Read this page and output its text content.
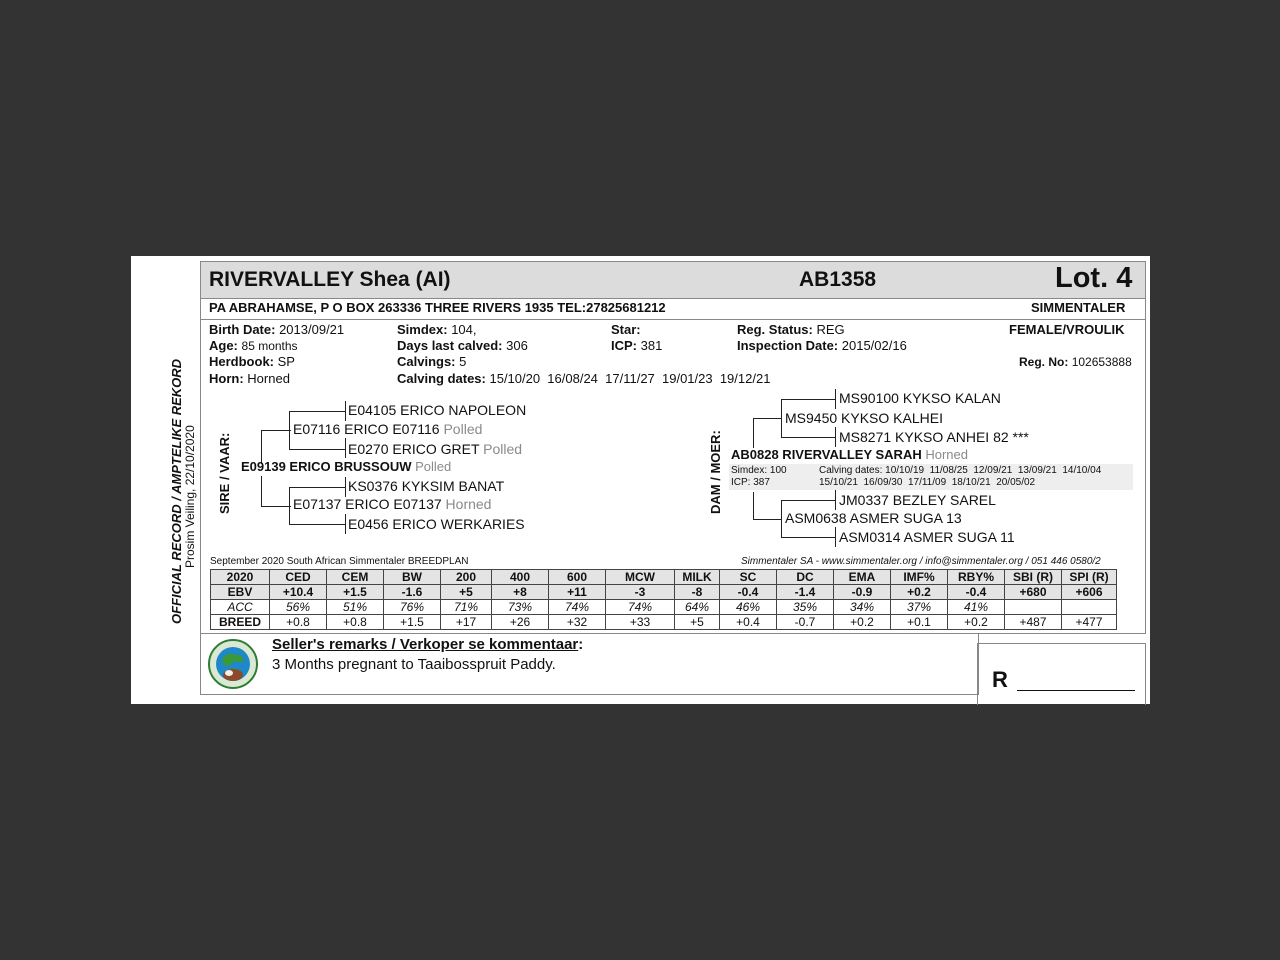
OFFICIAL RECORD / AMPTELIKE REKORD Prosim Veiling, 22/10/2020
RIVERVALLEY Shea (AI)	AB1358	Lot. 4
PA ABRAHAMSE, P O BOX 263336 THREE RIVERS 1935 TEL:27825681212	SIMMENTALER
Birth Date: 2013/09/21
Age: 85 months
Herdbook: SP
Horn: Horned
Simdex: 104,
Days last calved: 306
Calvings: 5
Calving dates: 15/10/20  16/08/24  17/11/27  19/01/23  19/12/21
Star:
ICP: 381
Reg. Status: REG
Inspection Date: 2015/02/16
FEMALE/VROULIK
Reg. No: 102653888
SIRE / VAAR:
E04105 ERICO NAPOLEON
E07116 ERICO E07116 Polled
E0270 ERICO GRET Polled
E09139 ERICO BRUSSOUW Polled
KS0376 KYKSIM BANAT
E07137 ERICO E07137 Horned
E0456 ERICO WERKARIES
DAM / MOER:
MS90100 KYKSO KALAN
MS9450 KYKSO KALHEI
MS8271 KYKSO ANHEI 82 ***
AB0828 RIVERVALLEY SARAH Horned
Simdex: 100
ICP: 387
Calving dates: 10/10/19  11/08/25  12/09/21  13/09/21  14/10/04
15/10/21  16/09/30  17/11/09  18/10/21  20/05/02
JM0337 BEZLEY SAREL
ASM0638 ASMER SUGA 13
ASM0314 ASMER SUGA 11
September 2020 South African Simmentaler BREEDPLAN	Simmentaler SA - www.simmentaler.org / info@simmentaler.org / 051 446 0580/2
2020	CED	CEM	BW	200	400	600	MCW	MILK	SC	DC	EMA	IMF%	RBY%	SBI (R)	SPI (R)
EBV	+10.4	+1.5	-1.6	+5	+8	+11	-3	-8	-0.4	-1.4	-0.9	+0.2	-0.4	+680	+606
ACC	56%	51%	76%	71%	73%	74%	74%	64%	46%	35%	34%	37%	41%		
BREED	+0.8	+0.8	+1.5	+17	+26	+32	+33	+5	+0.4	-0.7	+0.2	+0.1	+0.2	+487	+477
Seller's remarks / Verkoper se kommentaar:
3 Months pregnant to Taaibosspruit Paddy.
R
